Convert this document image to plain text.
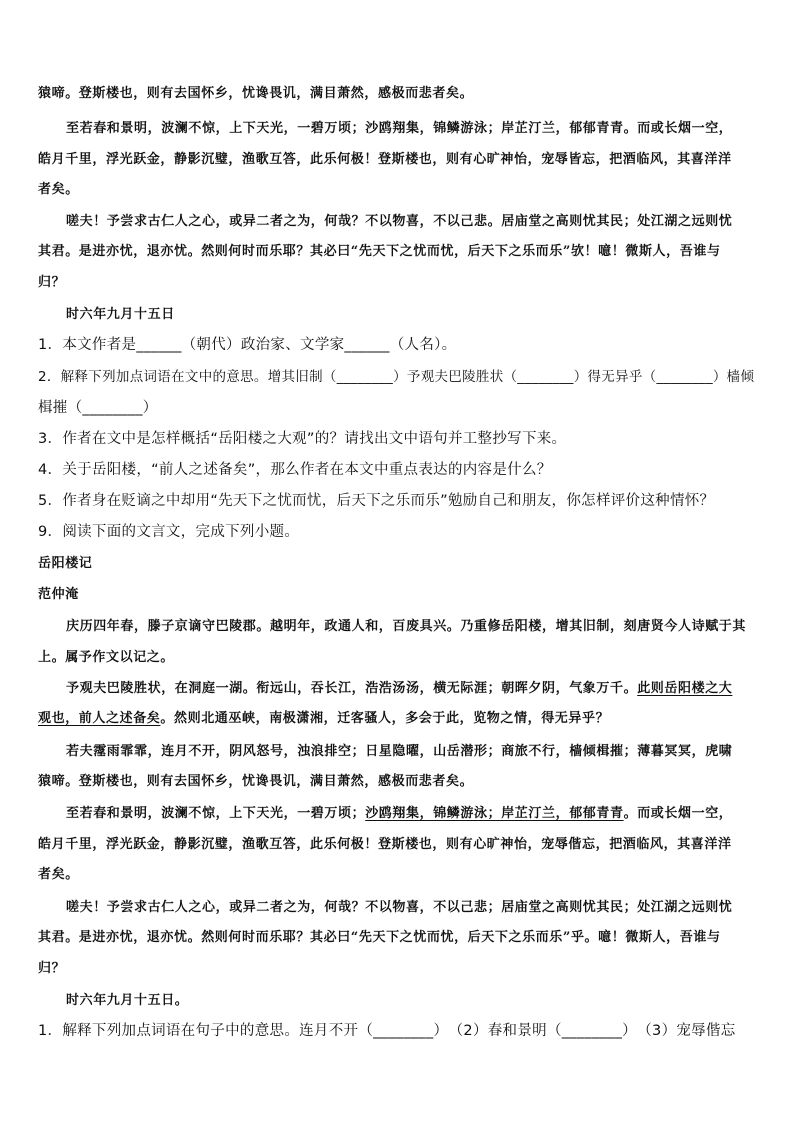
猿啼。登斯楼也，则有去国怀乡，忧谗畏讥，满目萧然，感极而悲者矣。
至若春和景明，波澜不惊，上下天光，一碧万顷；沙鸥翔集，锦鳞游泳；岸芷汀兰，郁郁青青。而或长烟一空，
皓月千里，浮光跃金，静影沉璧，渔歌互答，此乐何极！登斯楼也，则有心旷神怡，宠辱皆忘，把酒临风，其喜洋洋
者矣。
嗟夫！予尝求古仁人之心，或异二者之为，何哉？不以物喜，不以己悲。居庙堂之高则忧其民；处江湖之远则忧
其君。是进亦忧，退亦忧。然则何时而乐耶？其必曰“先天下之忧而忧，后天下之乐而乐”欤！噫！微斯人，吾谁与
归？
时六年九月十五日
1．本文作者是______（朝代）政治家、文学家______（人名）。
2．解释下列加点词语在文中的意思。增其旧制（________）予观夫巴陵胜状（________）得无异乎（________）樯倾
楫摧（________）
3．作者在文中是怎样概括“岳阳楼之大观”的？请找出文中语句并工整抄写下来。
4．关于岳阳楼，“前人之述备矣”，那么作者在本文中重点表达的内容是什么？
5．作者身在贬谪之中却用“先天下之忧而忧，后天下之乐而乐”勉励自己和朋友，你怎样评价这种情怀？
9．阅读下面的文言文，完成下列小题。
岳阳楼记
范仲淹
庆历四年春，滕子京谪守巴陵郡。越明年，政通人和，百废具兴。乃重修岳阳楼，增其旧制，刻唐贤今人诗赋于其
上。属予作文以记之。
予观夫巴陵胜状，在洞庭一湖。衔远山，吞长江，浩浩汤汤，横无际涯；朝晖夕阴，气象万千。此则岳阳楼之大
观也，前人之述备矣。然则北通巫峡，南极潇湘，迁客骚人，多会于此，览物之情，得无异乎？
若夫霪雨霏霏，连月不开，阴风怒号，浊浪排空；日星隐曜，山岳潜形；商旅不行，樯倾楫摧；薄暮冥冥，虎啸
猿啼。登斯楼也，则有去国怀乡，忧谗畏讥，满目萧然，感极而悲者矣。
至若春和景明，波澜不惊，上下天光，一碧万顷；沙鸥翔集，锦鳞游泳；岸芷汀兰，郁郁青青。而或长烟一空，
皓月千里，浮光跃金，静影沉璧，渔歌互答，此乐何极！登斯楼也，则有心旷神怡，宠辱偕忘，把酒临风，其喜洋洋
者矣。
嗟夫！予尝求古仁人之心，或异二者之为，何哉？不以物喜，不以己悲；居庙堂之高则忧其民；处江湖之远则忧
其君。是进亦忧，退亦忧。然则何时而乐耶？其必曰“先天下之忧而忧，后天下之乐而乐”乎。噫！微斯人，吾谁与
归？
时六年九月十五日。
1．解释下列加点词语在句子中的意思。连月不开（________）　（2）春和景明（________）　（3）宠辱偕忘
